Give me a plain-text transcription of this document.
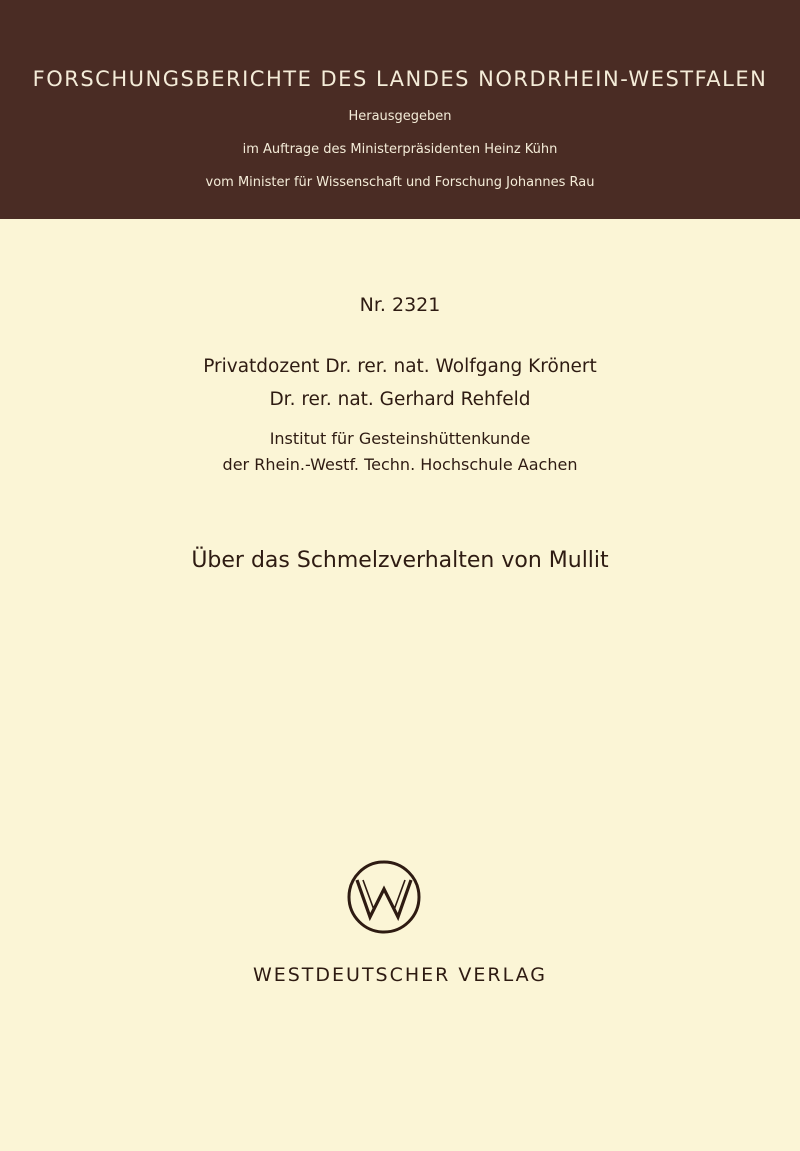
FORSCHUNGSBERICHTE DES LANDES NORDRHEIN-WESTFALEN
Herausgegeben
im Auftrage des Ministerpräsidenten Heinz Kühn
vom Minister für Wissenschaft und Forschung Johannes Rau
Nr. 2321
Privatdozent Dr. rer. nat. Wolfgang Krönert
Dr. rer. nat. Gerhard Rehfeld
Institut für Gesteinshüttenkunde
der Rhein.-Westf. Techn. Hochschule Aachen
Über das Schmelzverhalten von Mullit
WESTDEUTSCHER VERLAG
